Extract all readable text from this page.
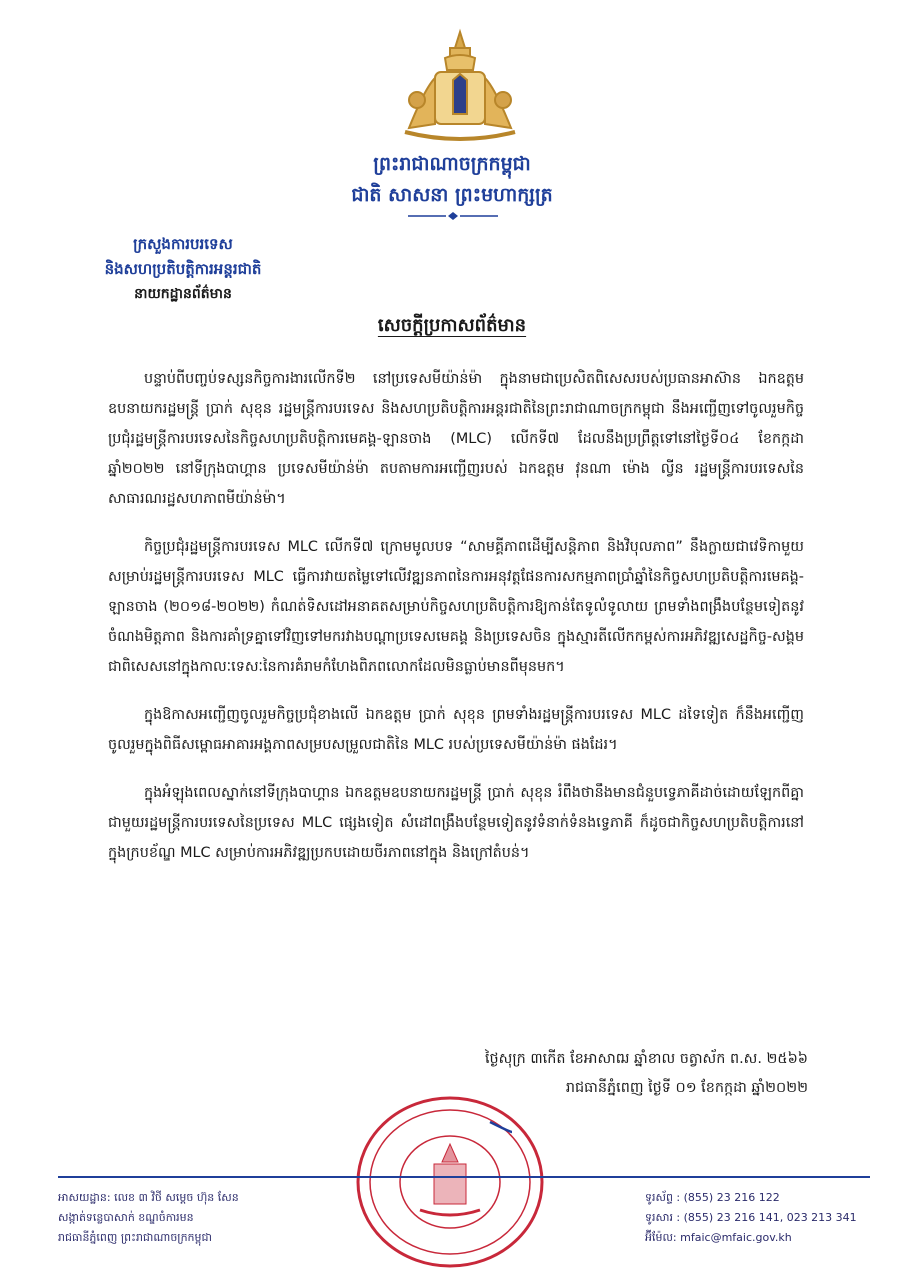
ព្រះរាជាណាចក្រកម្ពុជា
ជាតិ សាសនា ព្រះមហាក្សត្រ
ក្រសួងការបរទេស
និងសហប្រតិបត្តិការអន្តរជាតិ
នាយកដ្ឋានព័ត៌មាន
សេចក្តីប្រកាសព័ត៌មាន

បន្ទាប់ពីបញ្ចប់ទស្សនកិច្ចការងារលើកទី២ នៅប្រទេសមីយ៉ាន់ម៉ា ក្នុងនាមជាប្រេសិតពិសេសរបស់ប្រធានអាស៊ាន ឯកឧត្តមឧបនាយករដ្ឋមន្ត្រី ប្រាក់ សុខុន រដ្ឋមន្ត្រីការបរទេស និងសហប្រតិបត្តិការអន្តរជាតិនៃព្រះរាជាណាចក្រកម្ពុជា នឹងអញ្ជើញទៅចូលរួមកិច្ចប្រជុំរដ្ឋមន្ត្រីការបរទេសនៃកិច្ចសហប្រតិបត្តិការមេគង្គ-ឡានចាង (MLC) លើកទី៧ ដែលនឹងប្រព្រឹត្តទៅនៅថ្ងៃទី០៤ ខែកក្កដា ឆ្នាំ២០២២ នៅទីក្រុងបាហ្គាន ប្រទេសមីយ៉ាន់ម៉ា តបតាមការអញ្ជើញរបស់ ឯកឧត្តម វុនណា ម៉ោង ល្វីន រដ្ឋមន្ត្រីការបរទេសនៃសាធារណរដ្ឋសហភាពមីយ៉ាន់ម៉ា។

កិច្ចប្រជុំរដ្ឋមន្ត្រីការបរទេស MLC លើកទី៧ ក្រោមមូលបទ “សាមគ្គីភាពដើម្បីសន្តិភាព និងវិបុលភាព” នឹងក្លាយជាវេទិកាមួយសម្រាប់រដ្ឋមន្ត្រីការបរទេស MLC ធ្វើការវាយតម្លៃទៅលើវឌ្ឍនភាពនៃការអនុវត្តផែនការសកម្មភាពប្រាំឆ្នាំនៃកិច្ចសហប្រតិបត្តិការមេគង្គ-ឡានចាង (២០១៨-២០២២) កំណត់ទិសដៅអនាគតសម្រាប់កិច្ចសហប្រតិបត្តិការឱ្យកាន់តែទូលំទូលាយ ព្រមទាំងពង្រឹងបន្ថែមទៀតនូវចំណងមិត្តភាព និងការគាំទ្រគ្នាទៅវិញទៅមករវាងបណ្តាប្រទេសមេគង្គ និងប្រទេសចិន ក្នុងស្មារតីលើកកម្ពស់ការអភិវឌ្ឍសេដ្ឋកិច្ច-សង្គម ជាពិសេសនៅក្នុងកាលៈទេសៈនៃការគំរាមកំហែងពិភពលោកដែលមិនធ្លាប់មានពីមុនមក។

ក្នុងឱកាសអញ្ជើញចូលរួមកិច្ចប្រជុំខាងលើ ឯកឧត្តម ប្រាក់ សុខុន ព្រមទាំងរដ្ឋមន្ត្រីការបរទេស MLC ដទៃទៀត ក៏នឹងអញ្ជើញចូលរួមក្នុងពិធីសម្ពោធអាគារអង្គភាពសម្របសម្រួលជាតិនៃ MLC របស់ប្រទេសមីយ៉ាន់ម៉ា ផងដែរ។

ក្នុងអំឡុងពេលស្នាក់នៅទីក្រុងបាហ្គាន ឯកឧត្តមឧបនាយករដ្ឋមន្ត្រី ប្រាក់ សុខុន រំពឹងថានឹងមានជំនួបទ្វេភាគីដាច់ដោយឡែកពីគ្នាជាមួយរដ្ឋមន្ត្រីការបរទេសនៃប្រទេស MLC ផ្សេងទៀត សំដៅពង្រឹងបន្ថែមទៀតនូវទំនាក់ទំនងទ្វេភាគី ក៏ដូចជាកិច្ចសហប្រតិបត្តិការនៅក្នុងក្របខ័ណ្ឌ MLC សម្រាប់ការអភិវឌ្ឍប្រកបដោយចីរភាពនៅក្នុង និងក្រៅតំបន់។

ថ្ងៃសុក្រ ៣កើត ខែអាសាឍ ឆ្នាំខាល ចត្វាស័ក ព.ស. ២៥៦៦
រាជធានីភ្នំពេញ ថ្ងៃទី ០១ ខែកក្កដា ឆ្នាំ២០២២
អាសយដ្ឋាន: លេខ ៣ វិថី សម្តេច ហ៊ុន សែន
សង្កាត់ទន្លេបាសាក់ ខណ្ឌចំការមន
រាជធានីភ្នំពេញ ព្រះរាជាណាចក្រកម្ពុជា
ទូរស័ព្ទ : (855) 23 216 122
ទូរសារ : (855) 23 216 141, 023 213 341
អ៊ីម៉ែល: mfaic@mfaic.gov.kh
